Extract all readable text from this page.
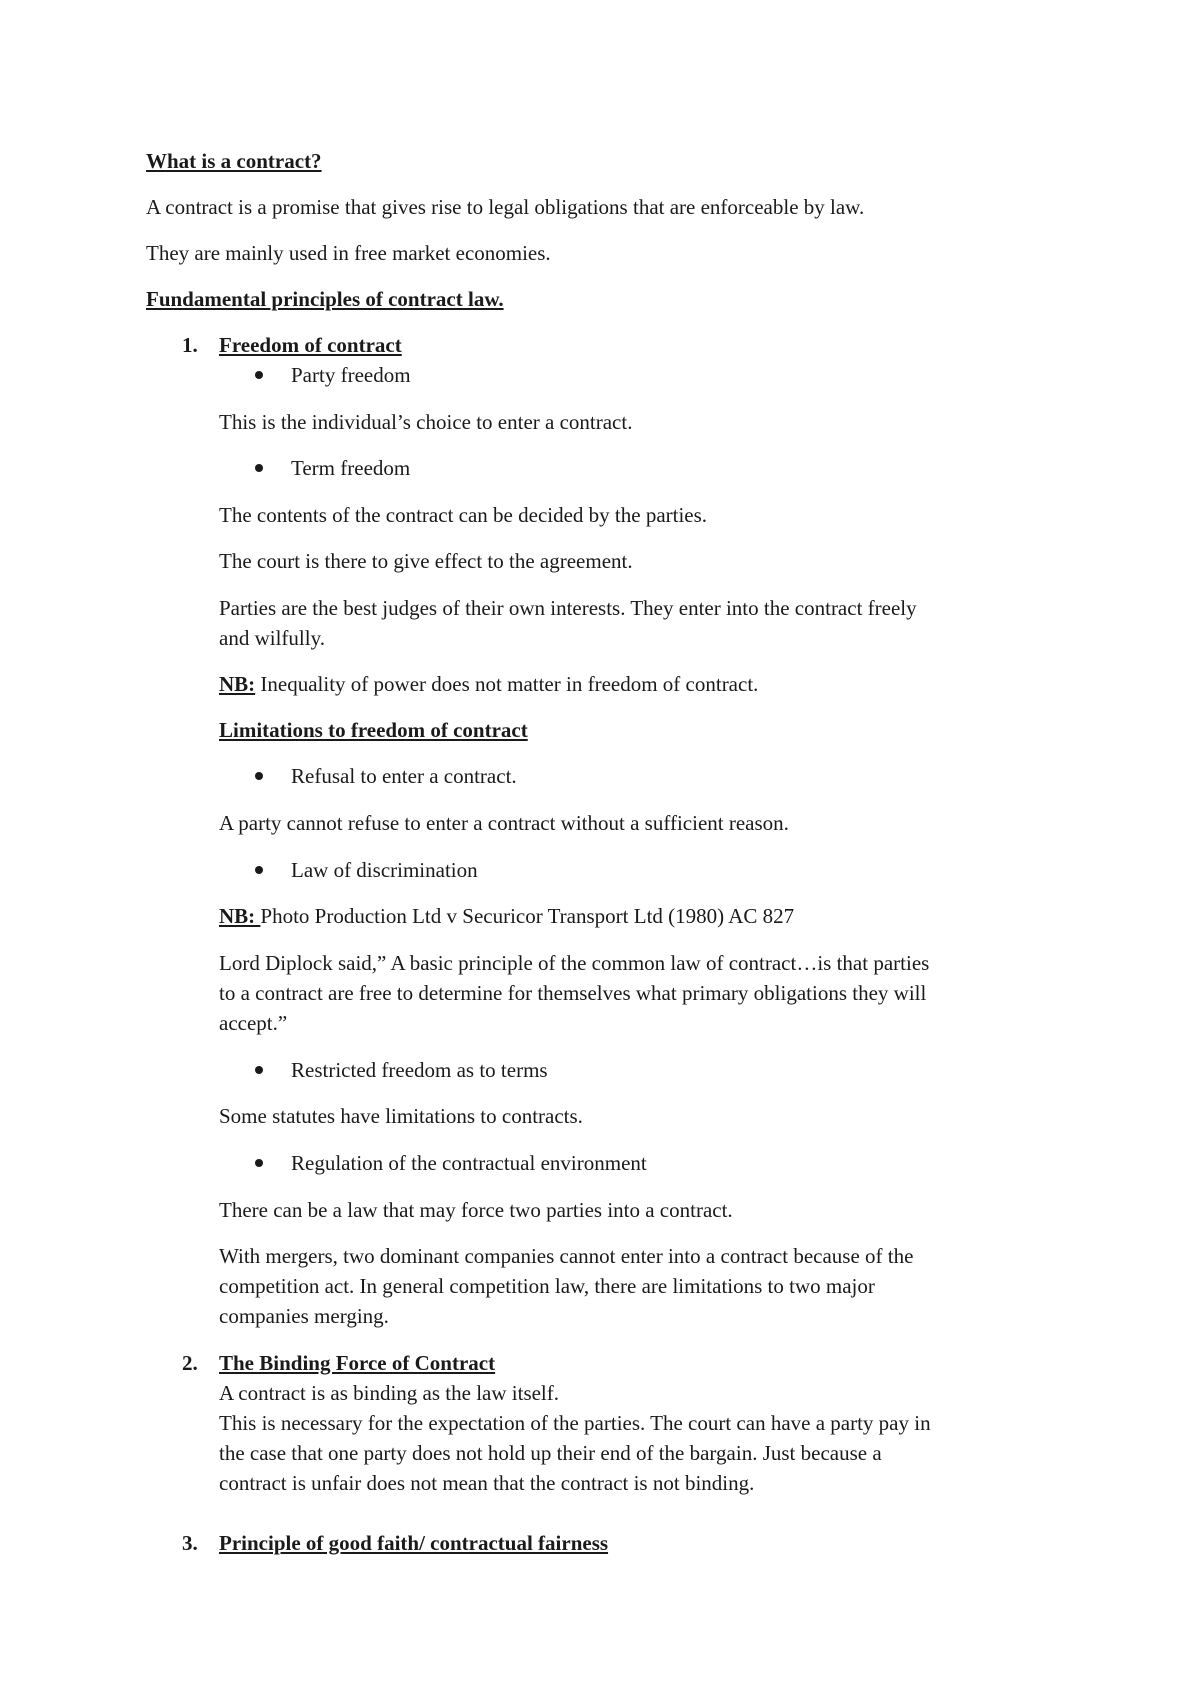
What is a contract?

A contract is a promise that gives rise to legal obligations that are enforceable by law.

They are mainly used in free market economies.

Fundamental principles of contract law.

1. Freedom of contract

Party freedom

This is the individual’s choice to enter a contract.

Term freedom

The contents of the contract can be decided by the parties.

The court is there to give effect to the agreement.

Parties are the best judges of their own interests. They enter into the contract freely

and wilfully.

NB: Inequality of power does not matter in freedom of contract.

Limitations to freedom of contract

Refusal to enter a contract.

A party cannot refuse to enter a contract without a sufficient reason.

Law of discrimination

NB: Photo Production Ltd v Securicor Transport Ltd (1980) AC 827

Lord Diplock said,” A basic principle of the common law of contract…is that parties

to a contract are free to determine for themselves what primary obligations they will

accept.”

Restricted freedom as to terms

Some statutes have limitations to contracts.

Regulation of the contractual environment

There can be a law that may force two parties into a contract.

With mergers, two dominant companies cannot enter into a contract because of the

competition act. In general competition law, there are limitations to two major

companies merging.

2. The Binding Force of Contract

A contract is as binding as the law itself.

This is necessary for the expectation of the parties. The court can have a party pay in

the case that one party does not hold up their end of the bargain. Just because a

contract is unfair does not mean that the contract is not binding.

3. Principle of good faith/ contractual fairness
